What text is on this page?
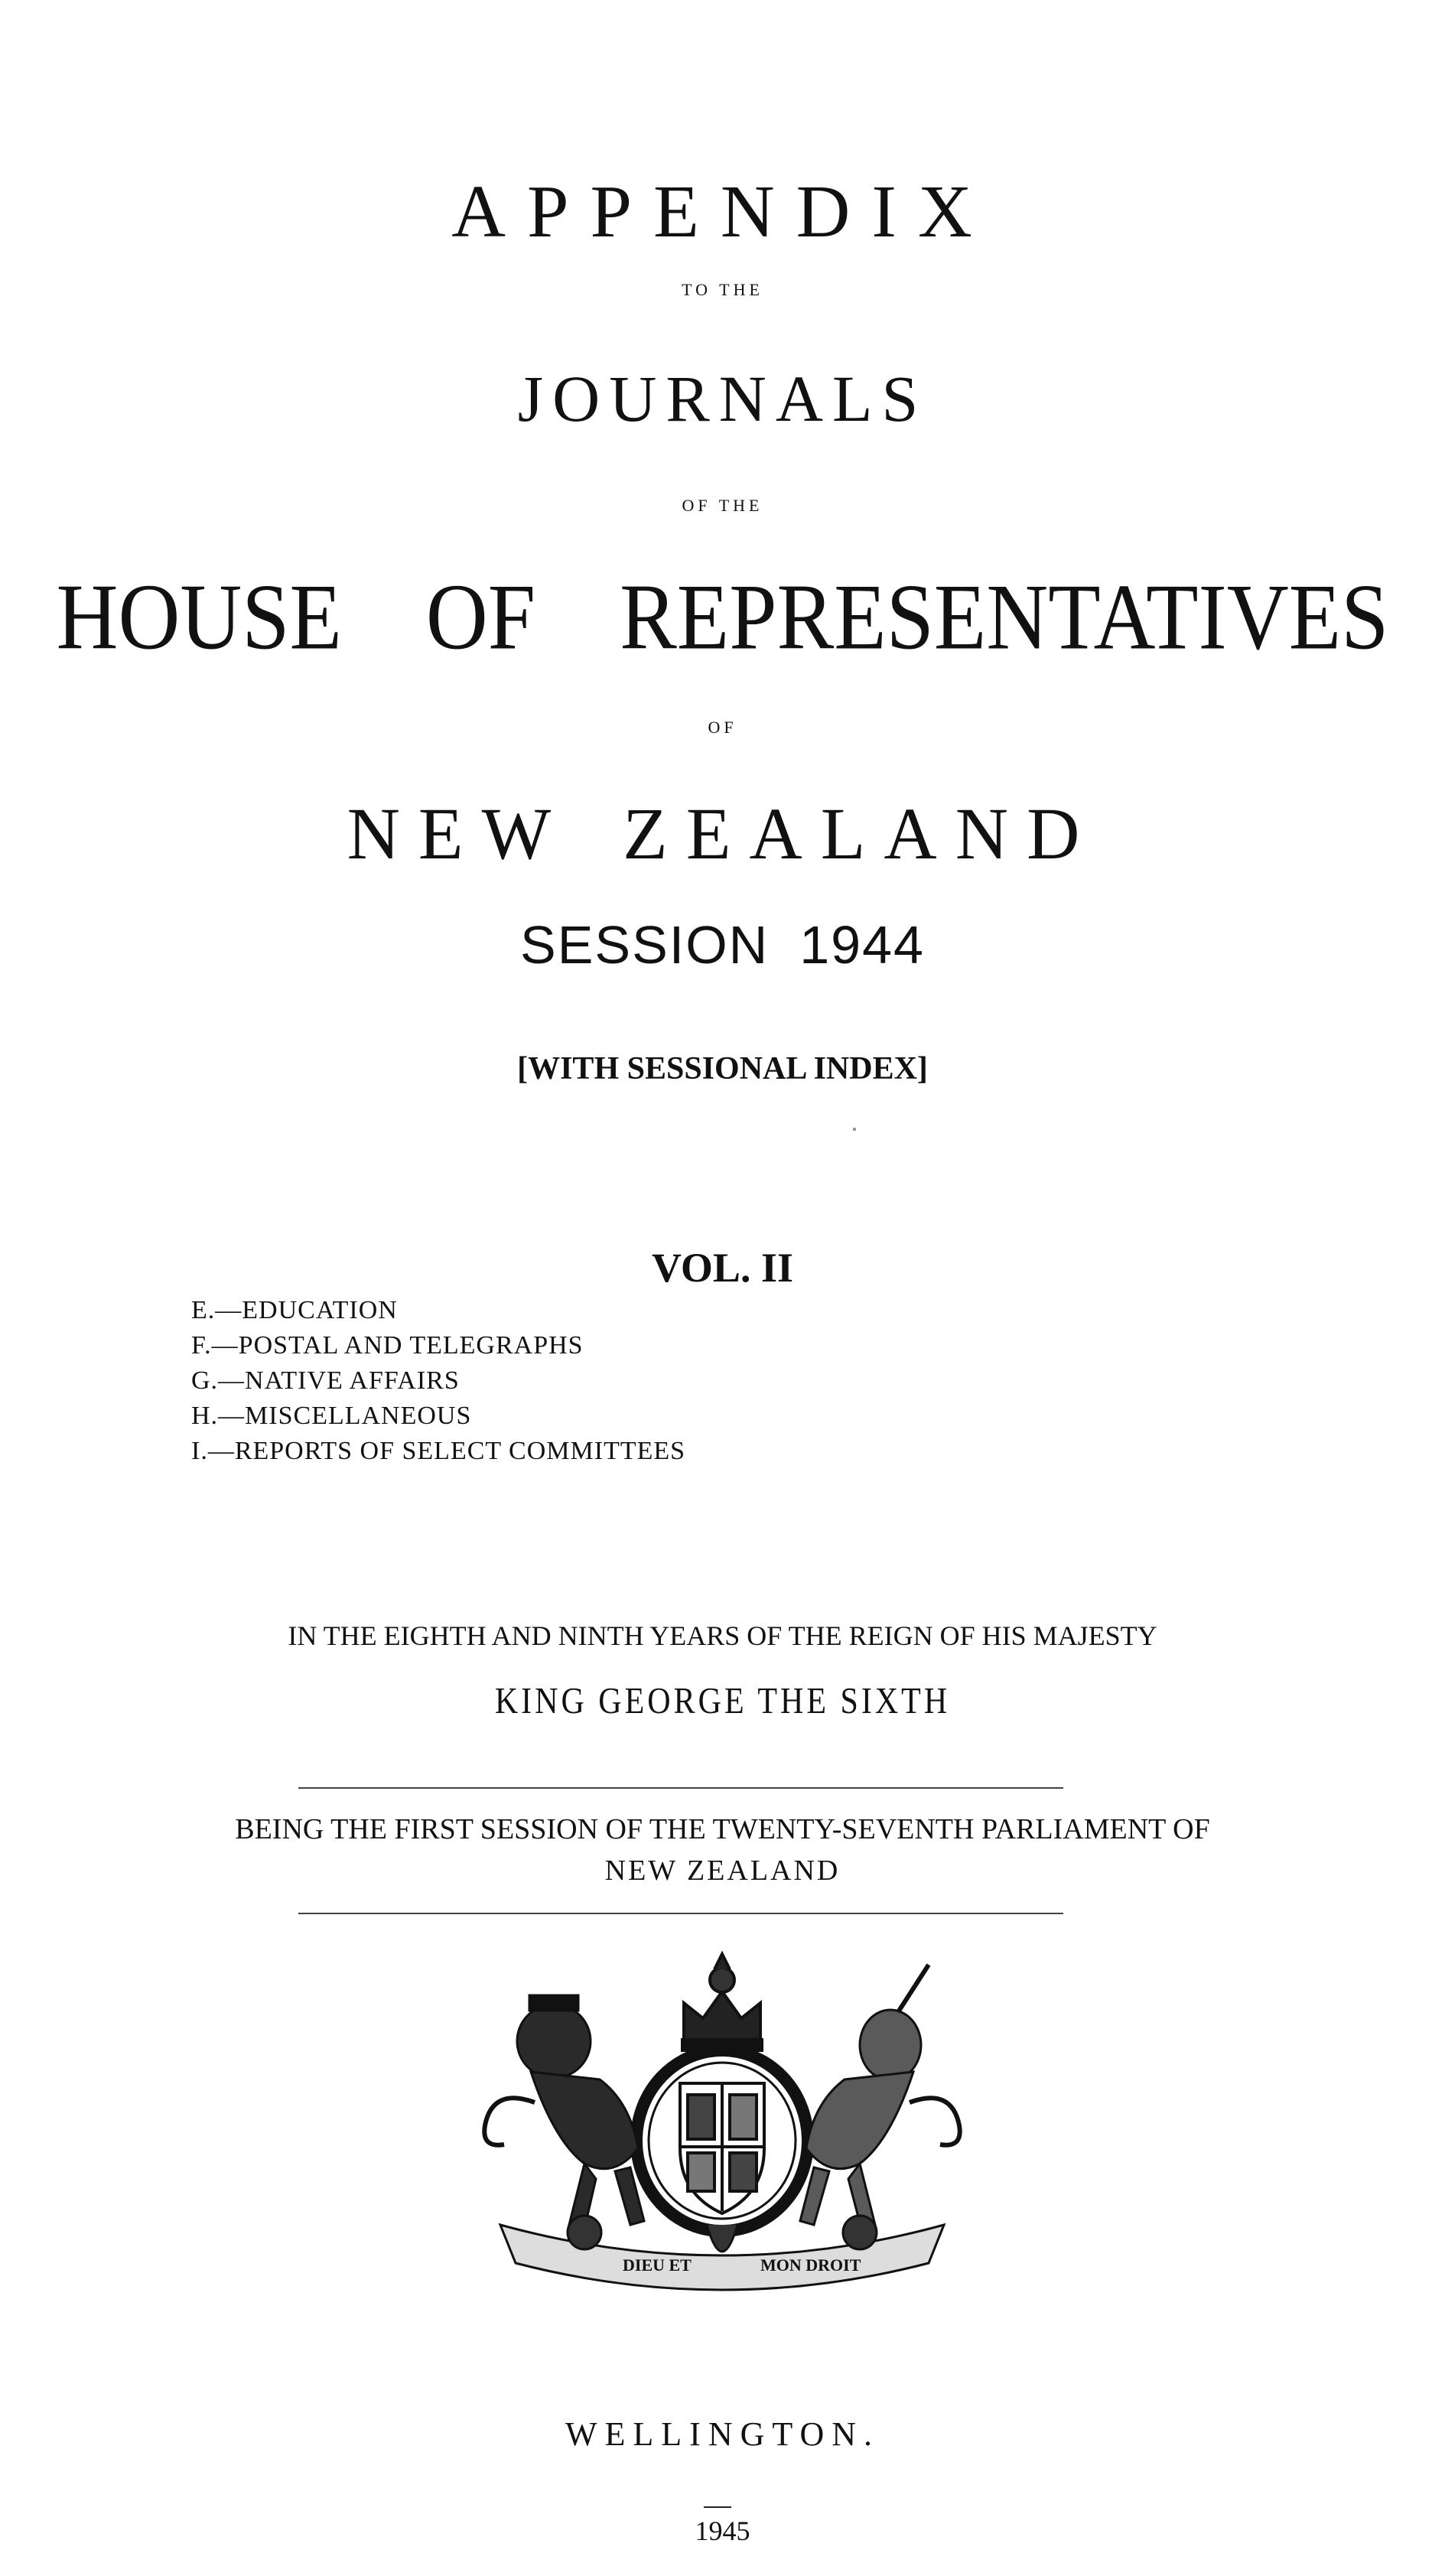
APPENDIX
TO THE
JOURNALS
OF THE
HOUSE OF REPRESENTATIVES
OF
NEW ZEALAND
SESSION 1944
[WITH SESSIONAL INDEX]
VOL. II
E.—EDUCATION
F.—POSTAL AND TELEGRAPHS
G.—NATIVE AFFAIRS
H.—MISCELLANEOUS
I.—REPORTS OF SELECT COMMITTEES
IN THE EIGHTH AND NINTH YEARS OF THE REIGN OF HIS MAJESTY
KING GEORGE THE SIXTH
BEING THE FIRST SESSION OF THE TWENTY-SEVENTH PARLIAMENT OF
NEW ZEALAND
DIEU ET	MON DROIT
WELLINGTON.
1945
